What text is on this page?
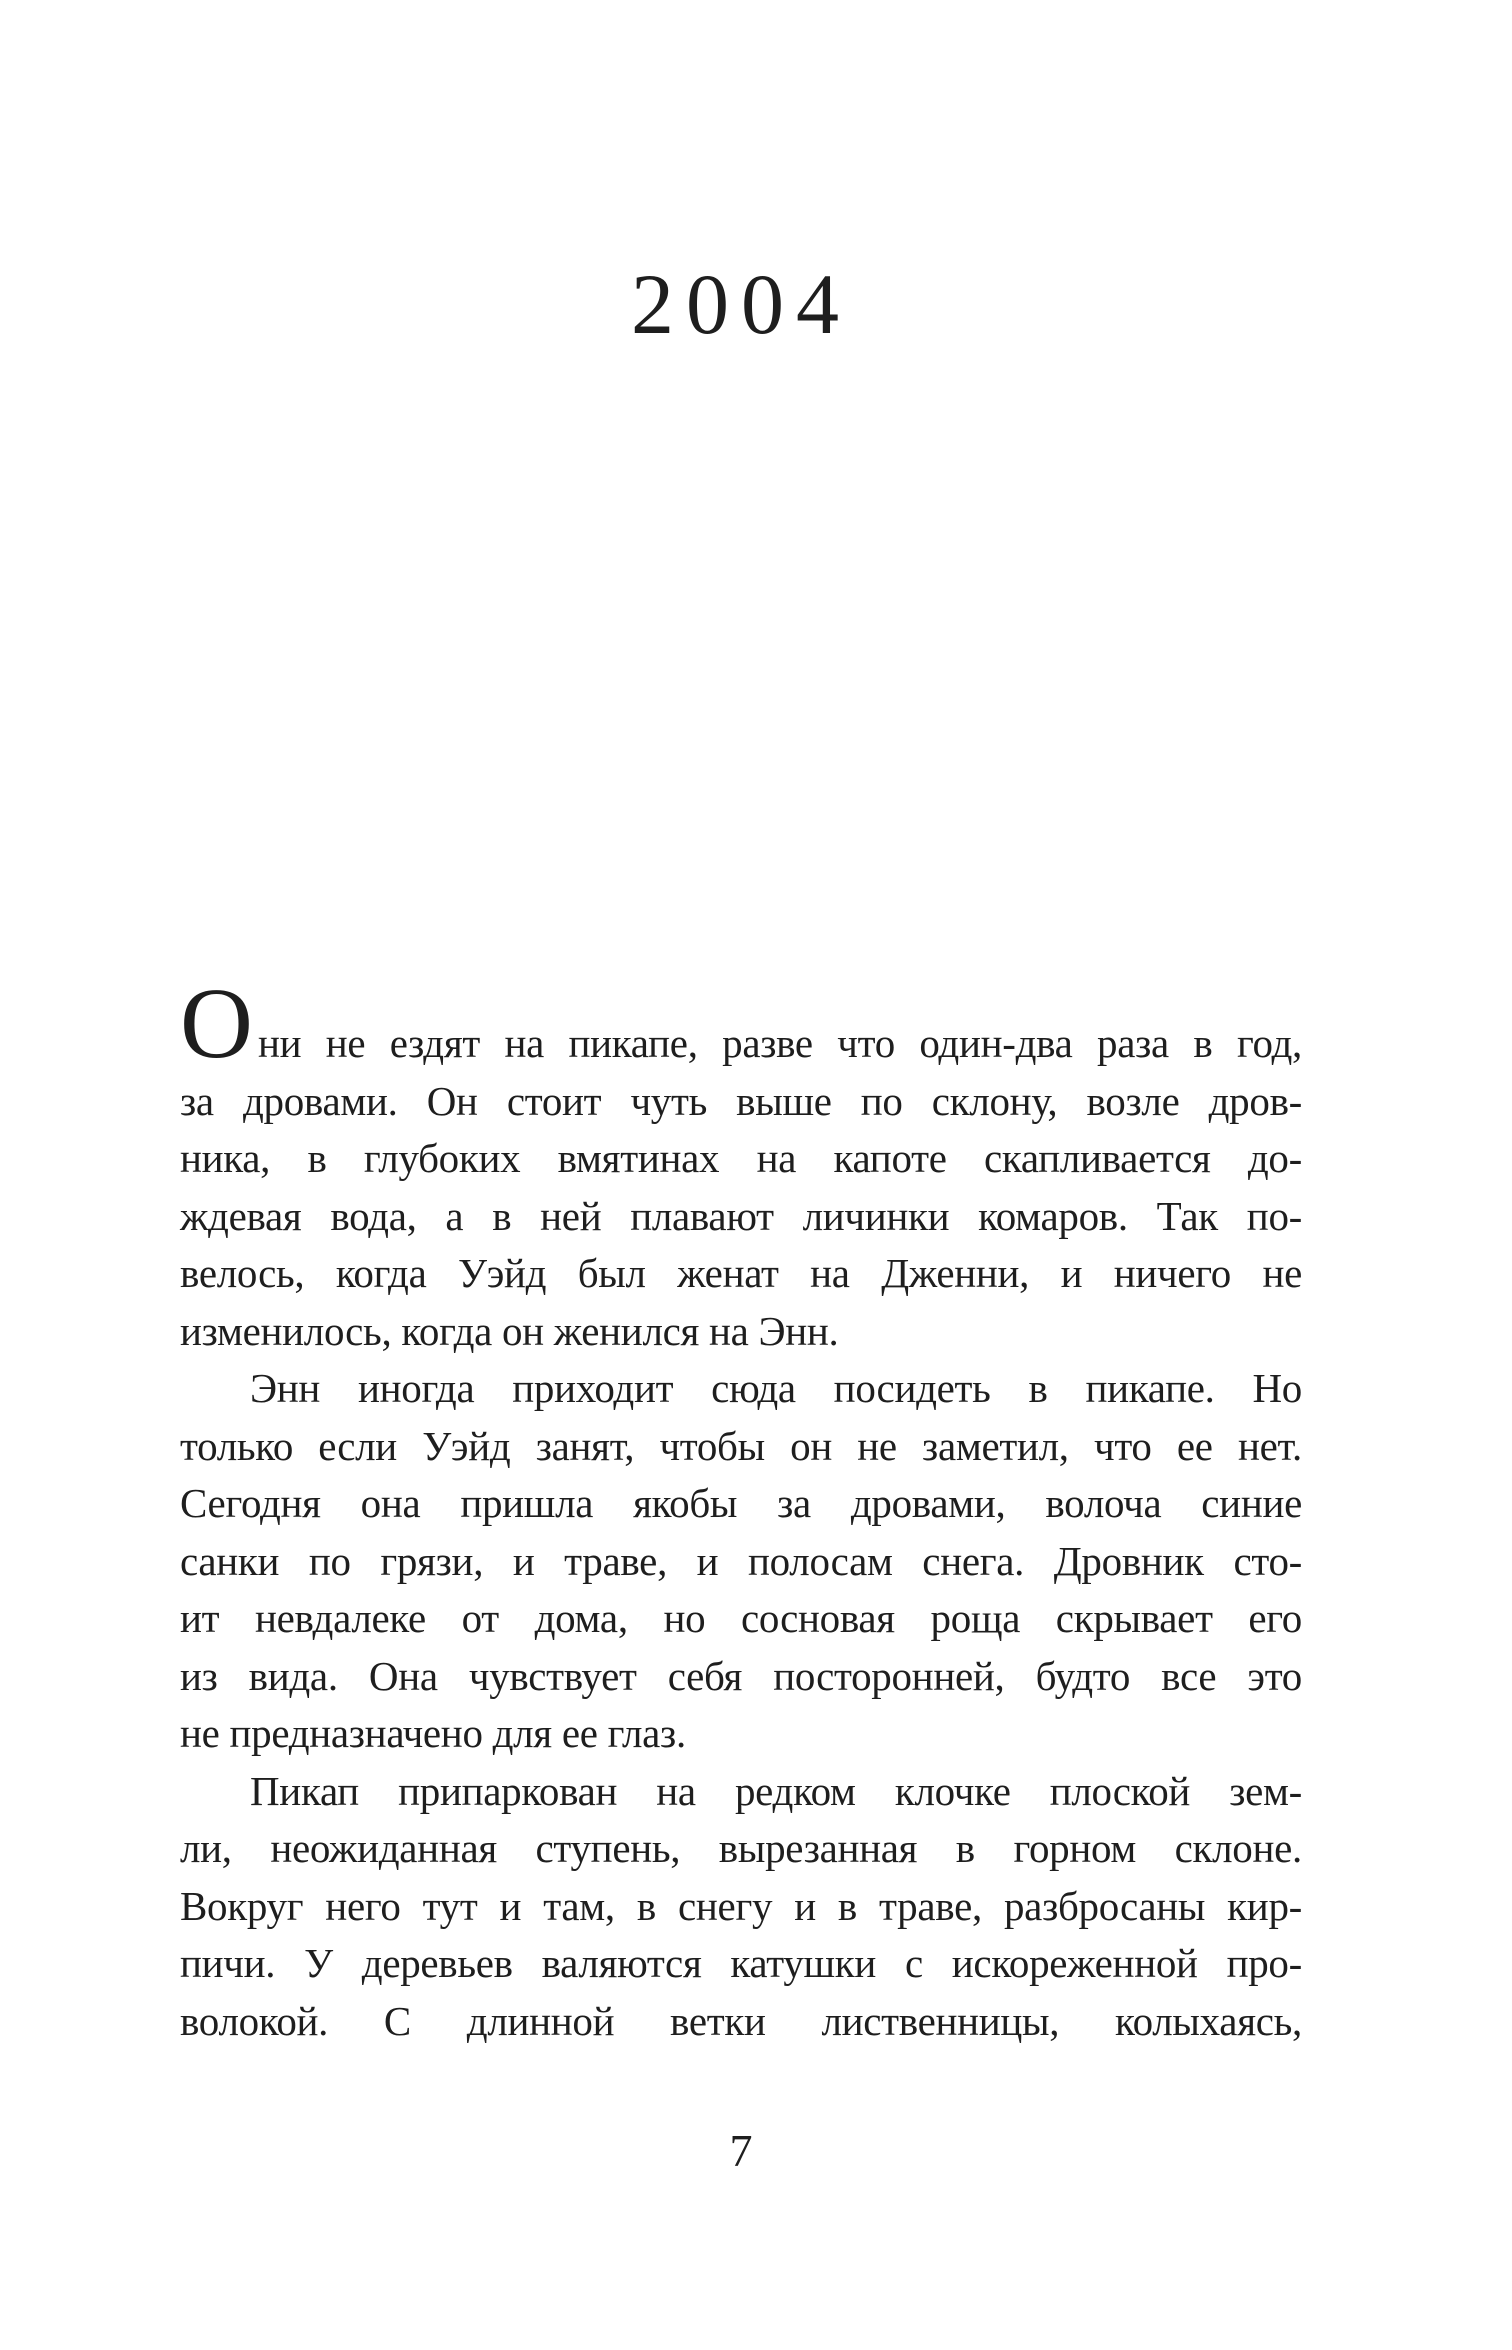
2004
Они не ездят на пикапе, разве что один-два раза в год,
за дровами. Он стоит чуть выше по склону, возле дров-
ника, в глубоких вмятинах на капоте скапливается до-
ждевая вода, а в ней плавают личинки комаров. Так по-
велось, когда Уэйд был женат на Дженни, и ничего не
изменилось, когда он женился на Энн.
Энн иногда приходит сюда посидеть в пикапе. Но
только если Уэйд занят, чтобы он не заметил, что ее нет.
Сегодня она пришла якобы за дровами, волоча синие
санки по грязи, и траве, и полосам снега. Дровник сто-
ит невдалеке от дома, но сосновая роща скрывает его
из вида. Она чувствует себя посторонней, будто все это
не предназначено для ее глаз.
Пикап припаркован на редком клочке плоской зем-
ли, неожиданная ступень, вырезанная в горном склоне.
Вокруг него тут и там, в снегу и в траве, разбросаны кир-
пичи. У деревьев валяются катушки с искореженной про-
волокой. С длинной ветки лиственницы, колыхаясь,
7
